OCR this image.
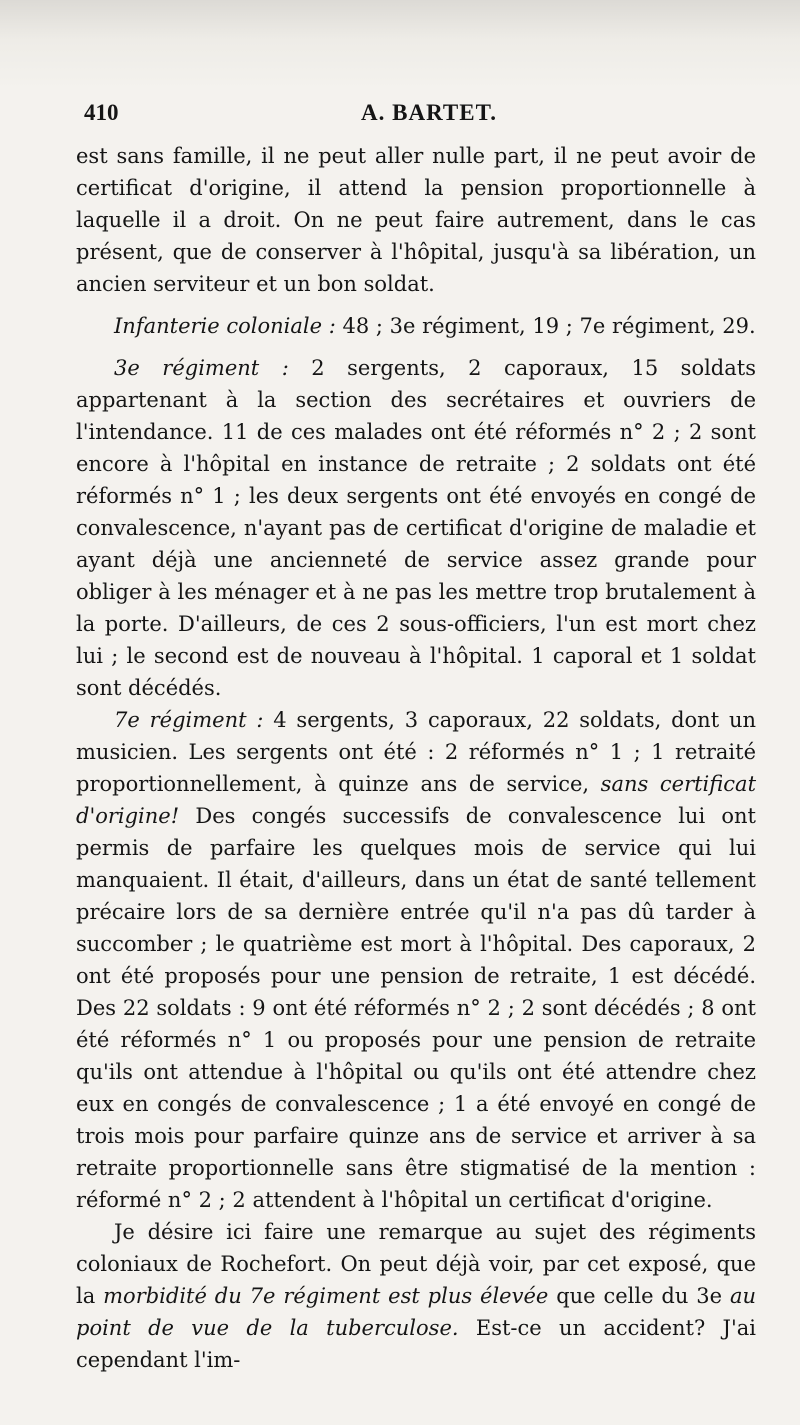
410	A. BARTET.

est sans famille, il ne peut aller nulle part, il ne peut avoir de certificat d'origine, il attend la pension proportionnelle à laquelle il a droit. On ne peut faire autrement, dans le cas présent, que de conserver à l'hôpital, jusqu'à sa libération, un ancien serviteur et un bon soldat.

Infanterie coloniale : 48 ; 3e régiment, 19 ; 7e régiment, 29.

3e régiment : 2 sergents, 2 caporaux, 15 soldats appartenant à la section des secrétaires et ouvriers de l'intendance. 11 de ces malades ont été réformés n° 2 ; 2 sont encore à l'hôpital en instance de retraite ; 2 soldats ont été réformés n° 1 ; les deux sergents ont été envoyés en congé de convalescence, n'ayant pas de certificat d'origine de maladie et ayant déjà une ancienneté de service assez grande pour obliger à les ménager et à ne pas les mettre trop brutalement à la porte. D'ailleurs, de ces 2 sous-officiers, l'un est mort chez lui ; le second est de nouveau à l'hôpital. 1 caporal et 1 soldat sont décédés.

7e régiment : 4 sergents, 3 caporaux, 22 soldats, dont un musicien. Les sergents ont été : 2 réformés n° 1 ; 1 retraité proportionnellement, à quinze ans de service, sans certificat d'origine! Des congés successifs de convalescence lui ont permis de parfaire les quelques mois de service qui lui manquaient. Il était, d'ailleurs, dans un état de santé tellement précaire lors de sa dernière entrée qu'il n'a pas dû tarder à succomber ; le quatrième est mort à l'hôpital. Des caporaux, 2 ont été proposés pour une pension de retraite, 1 est décédé. Des 22 soldats : 9 ont été réformés n° 2 ; 2 sont décédés ; 8 ont été réformés n° 1 ou proposés pour une pension de retraite qu'ils ont attendue à l'hôpital ou qu'ils ont été attendre chez eux en congés de convalescence ; 1 a été envoyé en congé de trois mois pour parfaire quinze ans de service et arriver à sa retraite proportionnelle sans être stigmatisé de la mention : réformé n° 2 ; 2 attendent à l'hôpital un certificat d'origine.

Je désire ici faire une remarque au sujet des régiments coloniaux de Rochefort. On peut déjà voir, par cet exposé, que la morbidité du 7e régiment est plus élevée que celle du 3e au point de vue de la tuberculose. Est-ce un accident? J'ai cependant l'im-
